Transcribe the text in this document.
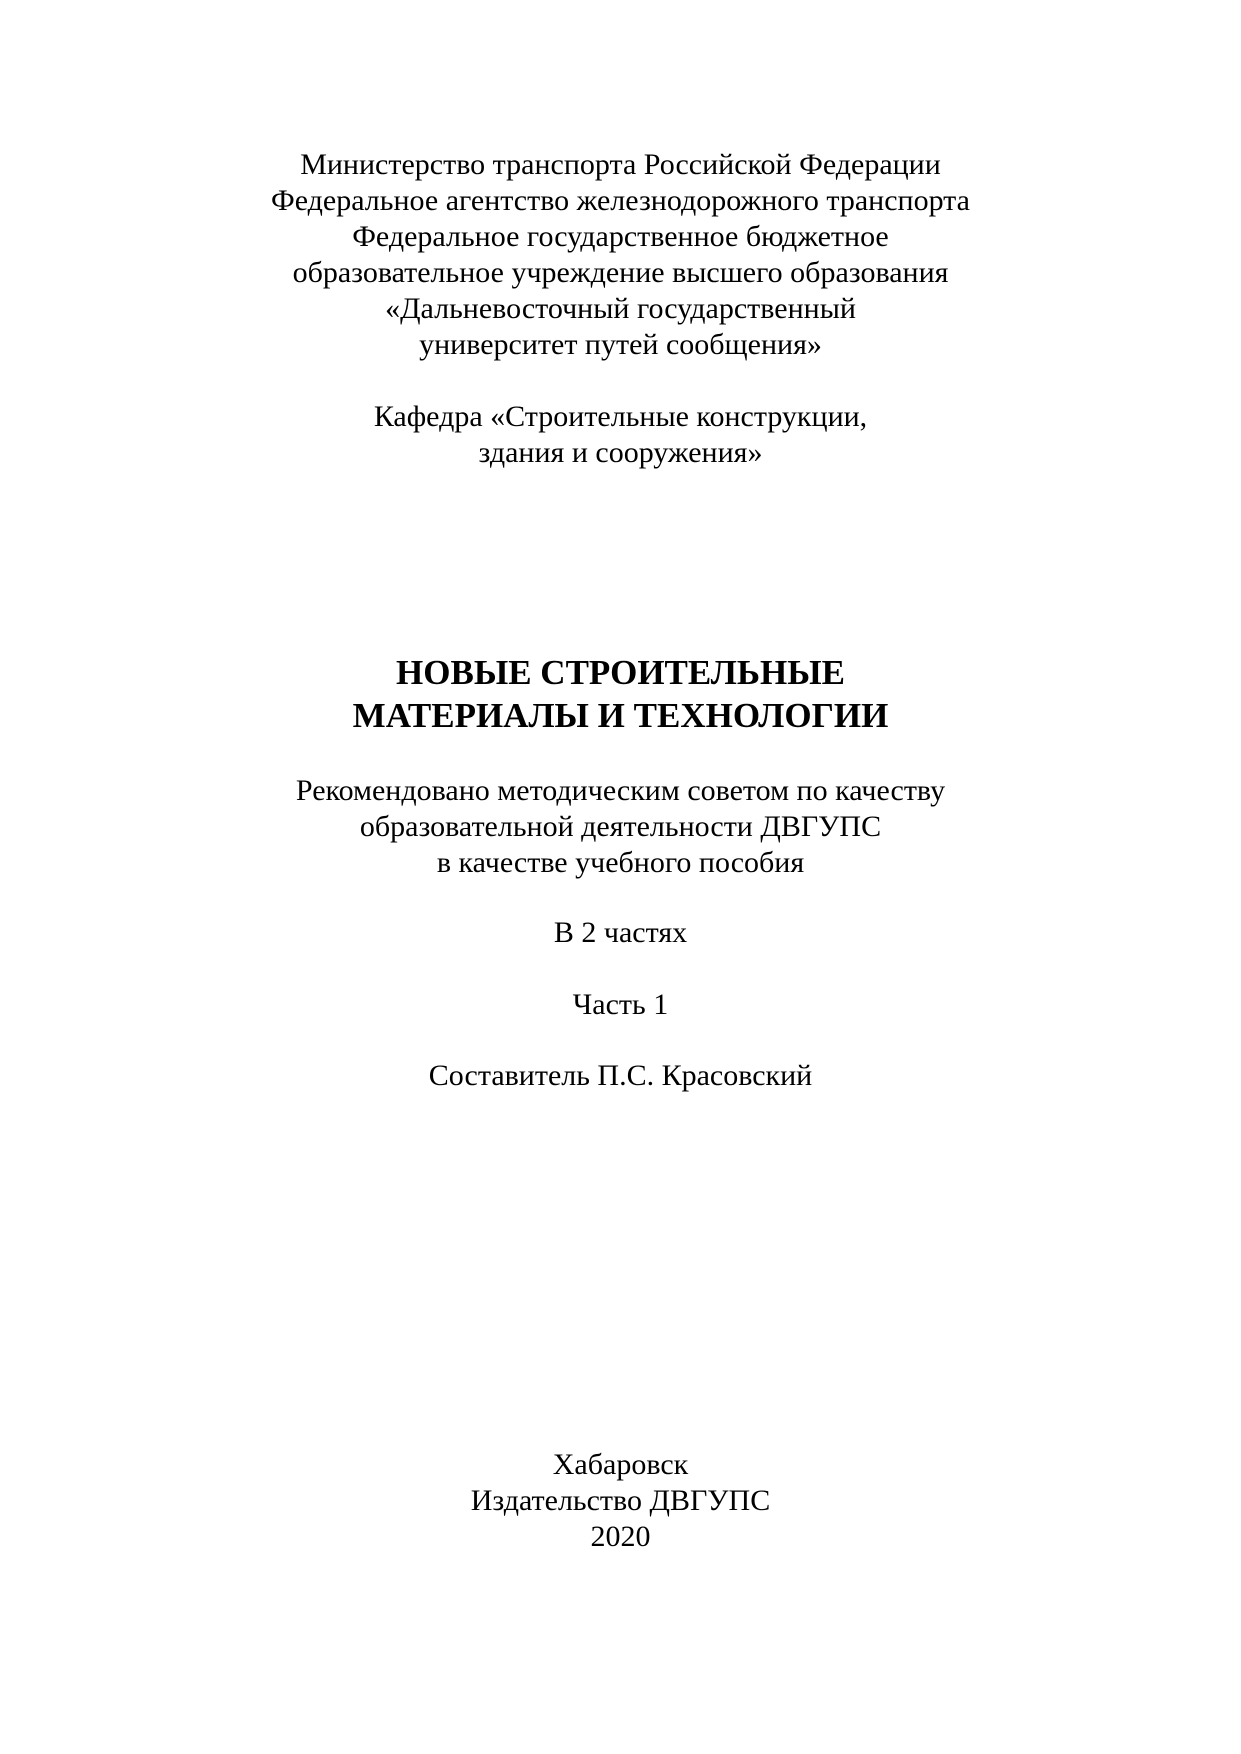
Министерство транспорта Российской Федерации
Федеральное агентство железнодорожного транспорта
Федеральное государственное бюджетное
образовательное учреждение высшего образования
«Дальневосточный государственный
университет путей сообщения»
Кафедра «Строительные конструкции,
здания и сооружения»
НОВЫЕ СТРОИТЕЛЬНЫЕ
МАТЕРИАЛЫ И ТЕХНОЛОГИИ
Рекомендовано методическим советом по качеству
образовательной деятельности ДВГУПС
в качестве учебного пособия
В 2 частях
Часть 1
Составитель П.С. Красовский
Хабаровск
Издательство ДВГУПС
2020
